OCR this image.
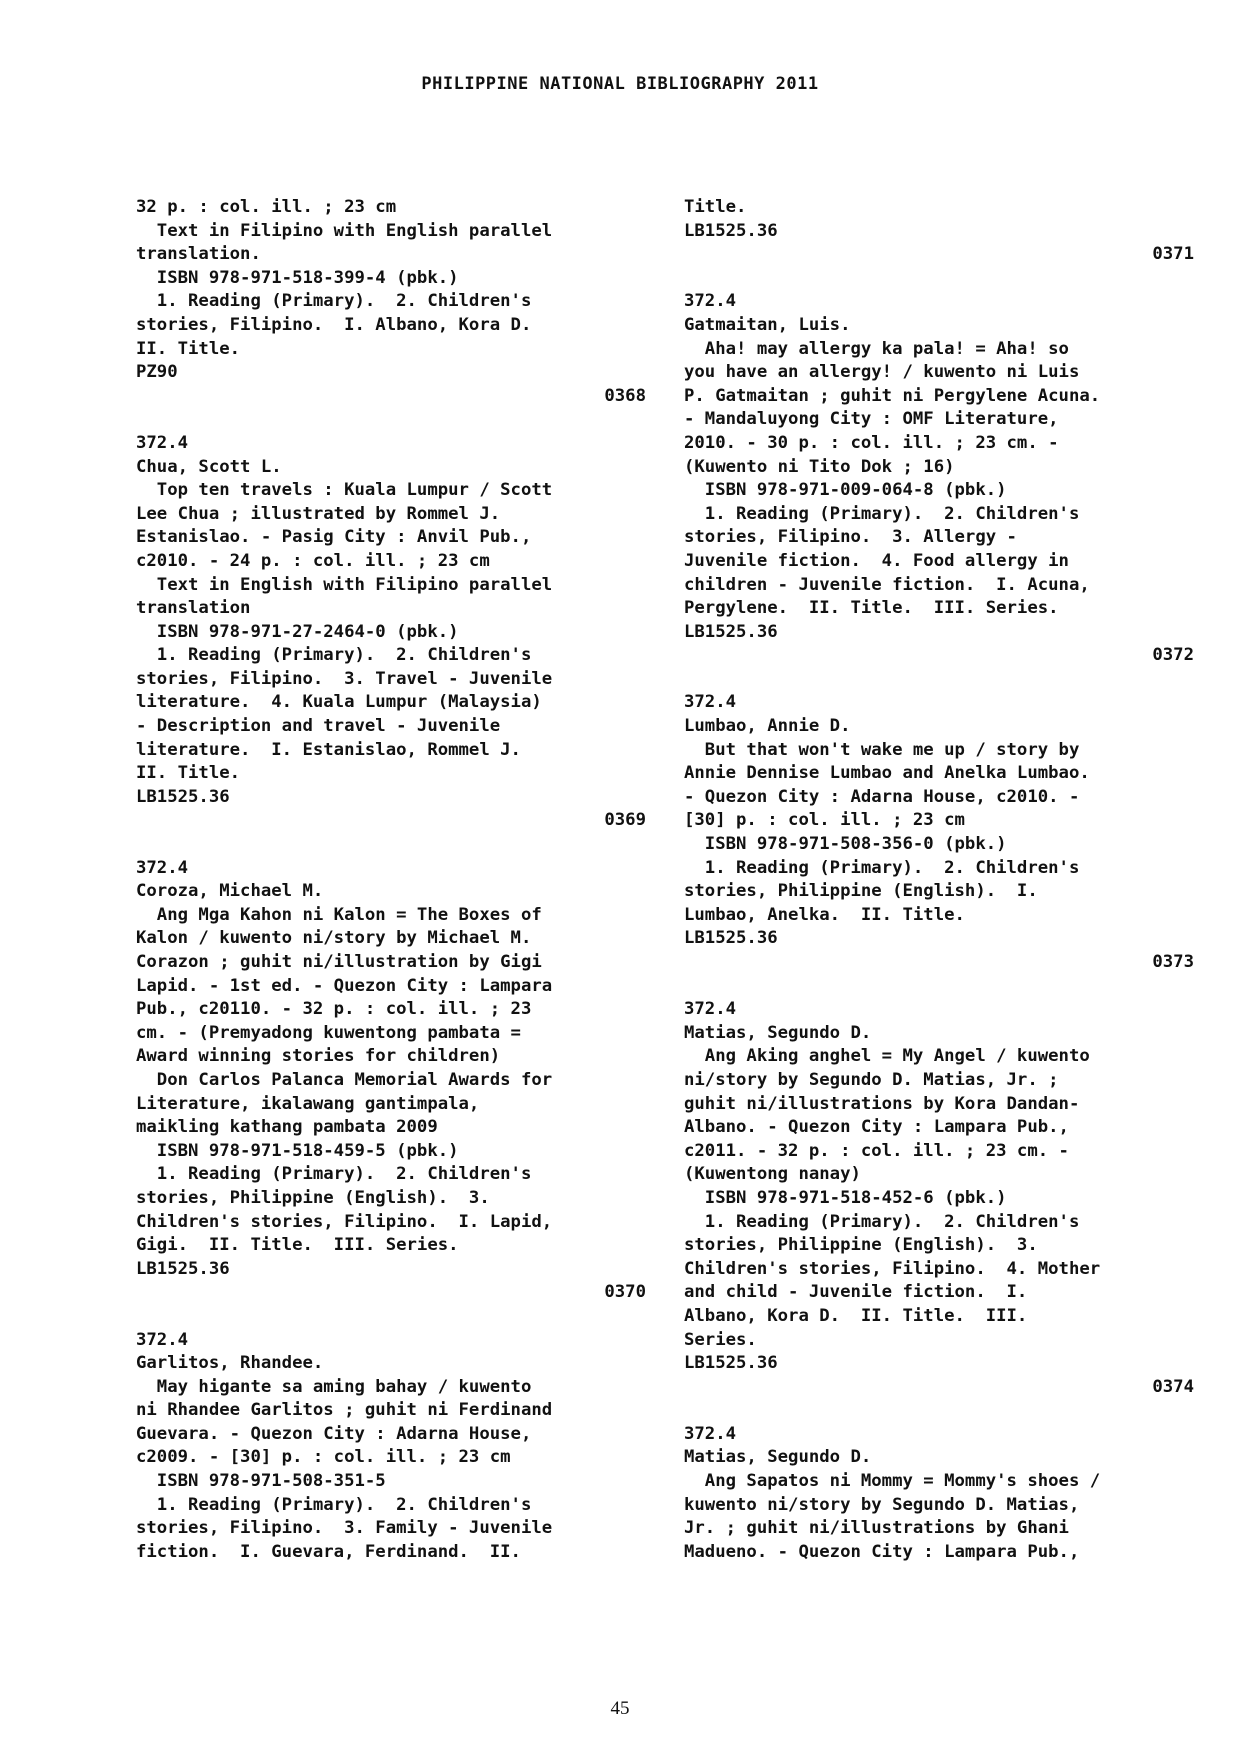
PHILIPPINE NATIONAL BIBLIOGRAPHY 2011
32 p. : col. ill. ; 23 cm
Text in Filipino with English parallel
translation.
ISBN 978-971-518-399-4 (pbk.)
1. Reading (Primary).  2. Children's
stories, Filipino.  I. Albano, Kora D.
II. Title.
PZ90
0368
372.4
Chua, Scott L.
Top ten travels : Kuala Lumpur / Scott
Lee Chua ; illustrated by Rommel J.
Estanislao. - Pasig City : Anvil Pub.,
c2010. - 24 p. : col. ill. ; 23 cm
Text in English with Filipino parallel
translation
ISBN 978-971-27-2464-0 (pbk.)
1. Reading (Primary).  2. Children's
stories, Filipino.  3. Travel - Juvenile
literature.  4. Kuala Lumpur (Malaysia)
- Description and travel - Juvenile
literature.  I. Estanislao, Rommel J.
II. Title.
LB1525.36
0369
372.4
Coroza, Michael M.
Ang Mga Kahon ni Kalon = The Boxes of
Kalon / kuwento ni/story by Michael M.
Corazon ; guhit ni/illustration by Gigi
Lapid. - 1st ed. - Quezon City : Lampara
Pub., c20110. - 32 p. : col. ill. ; 23
cm. - (Premyadong kuwentong pambata =
Award winning stories for children)
Don Carlos Palanca Memorial Awards for
Literature, ikalawang gantimpala,
maikling kathang pambata 2009
ISBN 978-971-518-459-5 (pbk.)
1. Reading (Primary).  2. Children's
stories, Philippine (English).  3.
Children's stories, Filipino.  I. Lapid,
Gigi.  II. Title.  III. Series.
LB1525.36
0370
372.4
Garlitos, Rhandee.
May higante sa aming bahay / kuwento
ni Rhandee Garlitos ; guhit ni Ferdinand
Guevara. - Quezon City : Adarna House,
c2009. - [30] p. : col. ill. ; 23 cm
ISBN 978-971-508-351-5
1. Reading (Primary).  2. Children's
stories, Filipino.  3. Family - Juvenile
fiction.  I. Guevara, Ferdinand.  II.
Title.
LB1525.36
0371
372.4
Gatmaitan, Luis.
Aha! may allergy ka pala! = Aha! so
you have an allergy! / kuwento ni Luis
P. Gatmaitan ; guhit ni Pergylene Acuna.
- Mandaluyong City : OMF Literature,
2010. - 30 p. : col. ill. ; 23 cm. -
(Kuwento ni Tito Dok ; 16)
ISBN 978-971-009-064-8 (pbk.)
1. Reading (Primary).  2. Children's
stories, Filipino.  3. Allergy -
Juvenile fiction.  4. Food allergy in
children - Juvenile fiction.  I. Acuna,
Pergylene.  II. Title.  III. Series.
LB1525.36
0372
372.4
Lumbao, Annie D.
But that won't wake me up / story by
Annie Dennise Lumbao and Anelka Lumbao.
- Quezon City : Adarna House, c2010. -
[30] p. : col. ill. ; 23 cm
ISBN 978-971-508-356-0 (pbk.)
1. Reading (Primary).  2. Children's
stories, Philippine (English).  I.
Lumbao, Anelka.  II. Title.
LB1525.36
0373
372.4
Matias, Segundo D.
Ang Aking anghel = My Angel / kuwento
ni/story by Segundo D. Matias, Jr. ;
guhit ni/illustrations by Kora Dandan-
Albano. - Quezon City : Lampara Pub.,
c2011. - 32 p. : col. ill. ; 23 cm. -
(Kuwentong nanay)
ISBN 978-971-518-452-6 (pbk.)
1. Reading (Primary).  2. Children's
stories, Philippine (English).  3.
Children's stories, Filipino.  4. Mother
and child - Juvenile fiction.  I.
Albano, Kora D.  II. Title.  III.
Series.
LB1525.36
0374
372.4
Matias, Segundo D.
Ang Sapatos ni Mommy = Mommy's shoes /
kuwento ni/story by Segundo D. Matias,
Jr. ; guhit ni/illustrations by Ghani
Madueno. - Quezon City : Lampara Pub.,
45
